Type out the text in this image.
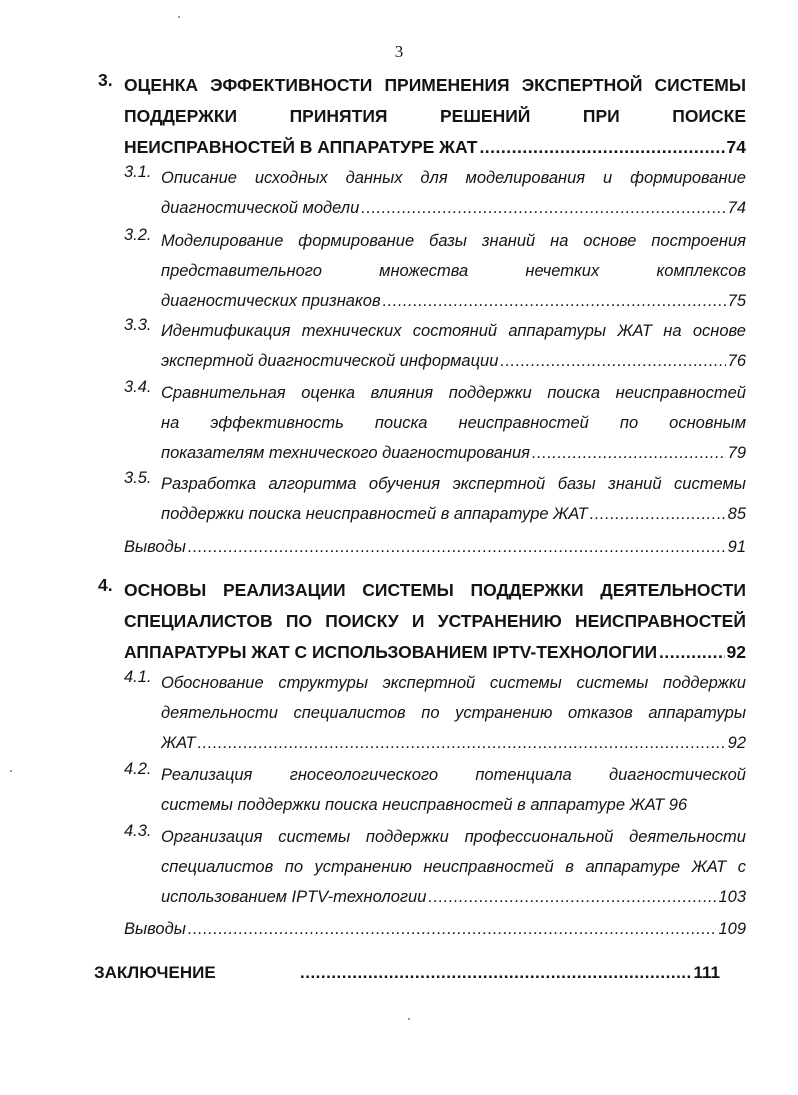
3
3. ОЦЕНКА ЭФФЕКТИВНОСТИ ПРИМЕНЕНИЯ ЭКСПЕРТНОЙ СИСТЕМЫ
ПОДДЕРЖКИ	ПРИНЯТИЯ	РЕШЕНИЙ	ПРИ	ПОИСКЕ
НЕИСПРАВНОСТЕЙ В АППАРАТУРЕ ЖАТ .....	74
3.1. Описание исходных данных для моделирования и формирование
диагностической модели .....	74
3.2. Моделирование формирование базы знаний на основе построения
представительного	множества	нечетких	комплексов
диагностических признаков .....	75
3.3. Идентификация технических состояний аппаратуры ЖАТ на основе
экспертной диагностической информации .....	76
3.4. Сравнительная оценка влияния поддержки поиска неисправностей
на эффективность поиска неисправностей по основным
показателям технического диагностирования .....	79
3.5. Разработка алгоритма обучения экспертной базы знаний системы
поддержки поиска неисправностей в аппаратуре ЖАТ .....	85
Выводы .....	91
4. ОСНОВЫ РЕАЛИЗАЦИИ СИСТЕМЫ ПОДДЕРЖКИ ДЕЯТЕЛЬНОСТИ
СПЕЦИАЛИСТОВ ПО ПОИСКУ И УСТРАНЕНИЮ НЕИСПРАВНОСТЕЙ
АППАРАТУРЫ ЖАТ С ИСПОЛЬЗОВАНИЕМ IPTV-ТЕХНОЛОГИИ .....	92
4.1. Обоснование структуры экспертной системы системы поддержки
деятельности специалистов по устранению отказов аппаратуры
ЖАТ .....	92
4.2. Реализация гносеологического потенциала диагностической
системы поддержки поиска неисправностей в аппаратуре ЖАТ 96
4.3. Организация системы поддержки профессиональной деятельности
специалистов по устранению неисправностей в аппаратуре ЖАТ с
использованием IPTV-технологии .....	103
Выводы .....	109
ЗАКЛЮЧЕНИЕ .....	111
